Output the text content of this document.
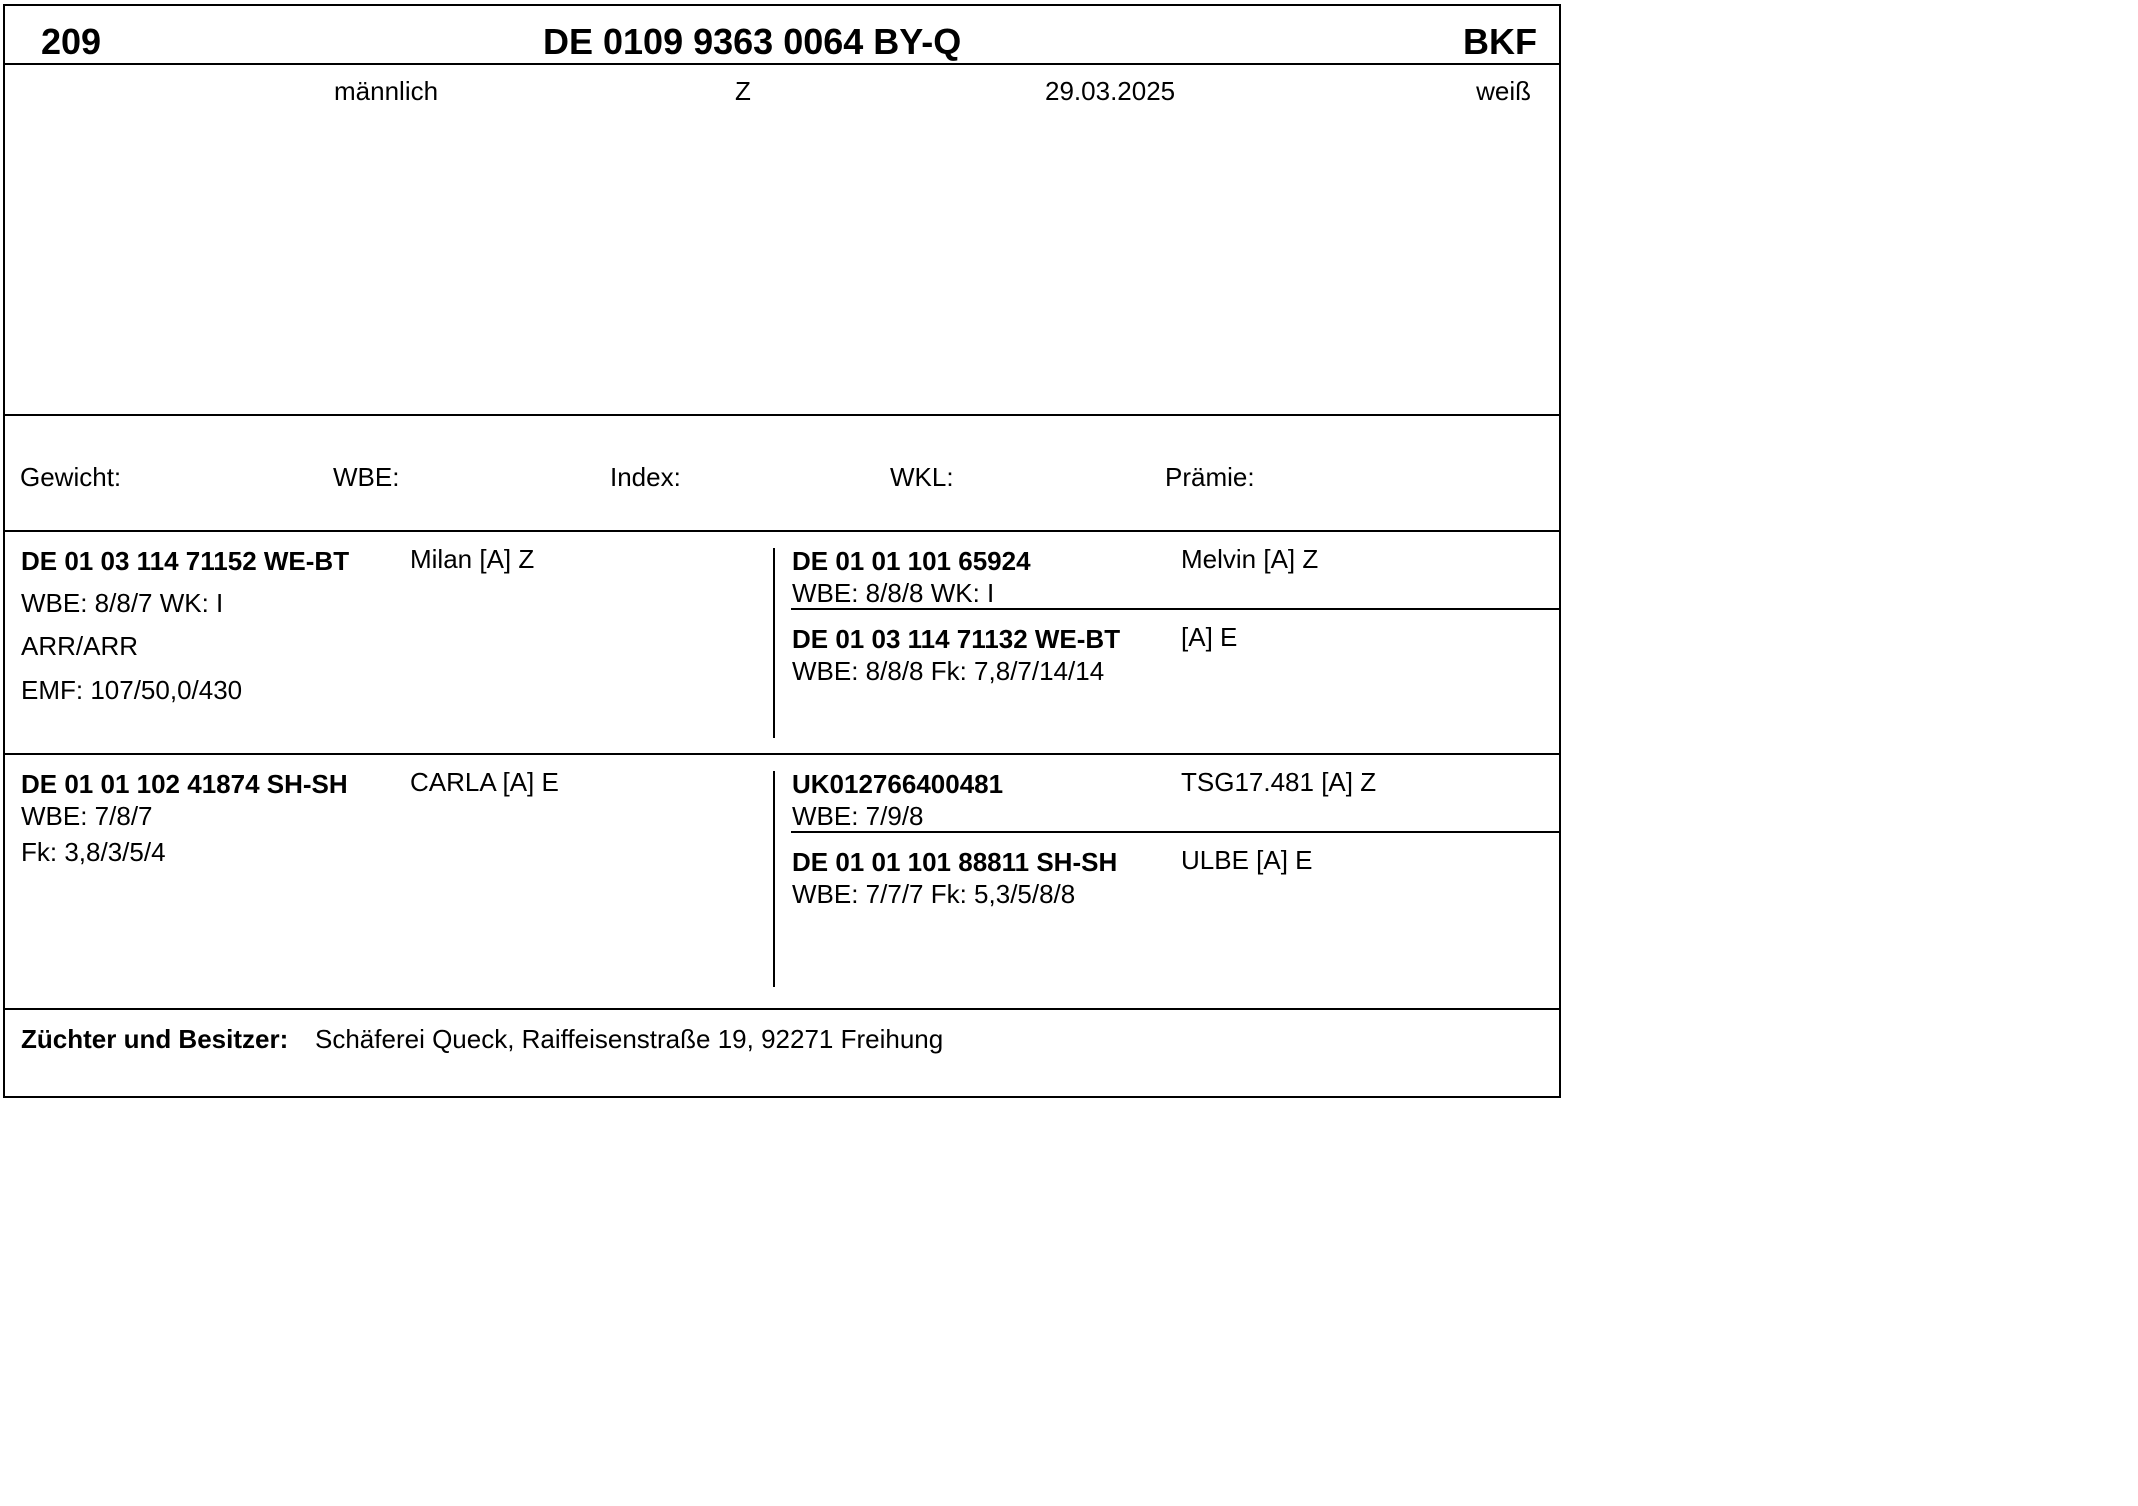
209	DE 0109 9363 0064 BY-Q	BKF
männlich	Z	29.03.2025	weiß
Gewicht:	WBE:	Index:	WKL:	Prämie:
DE 01 03 114 71152 WE-BT Milan [A] Z
WBE: 8/8/7 WK: I
ARR/ARR
EMF: 107/50,0/430
DE 01 01 101 65924	Melvin [A] Z
WBE: 8/8/8 WK: I
DE 01 03 114 71132 WE-BT [A] E
WBE: 8/8/8 Fk: 7,8/7/14/14
DE 01 01 102 41874 SH-SH CARLA [A] E
WBE: 7/8/7
Fk: 3,8/3/5/4
UK012766400481	TSG17.481 [A] Z
WBE: 7/9/8
DE 01 01 101 88811 SH-SH ULBE [A] E
WBE: 7/7/7 Fk: 5,3/5/8/8
Züchter und Besitzer: Schäferei Queck, Raiffeisenstraße 19, 92271 Freihung
